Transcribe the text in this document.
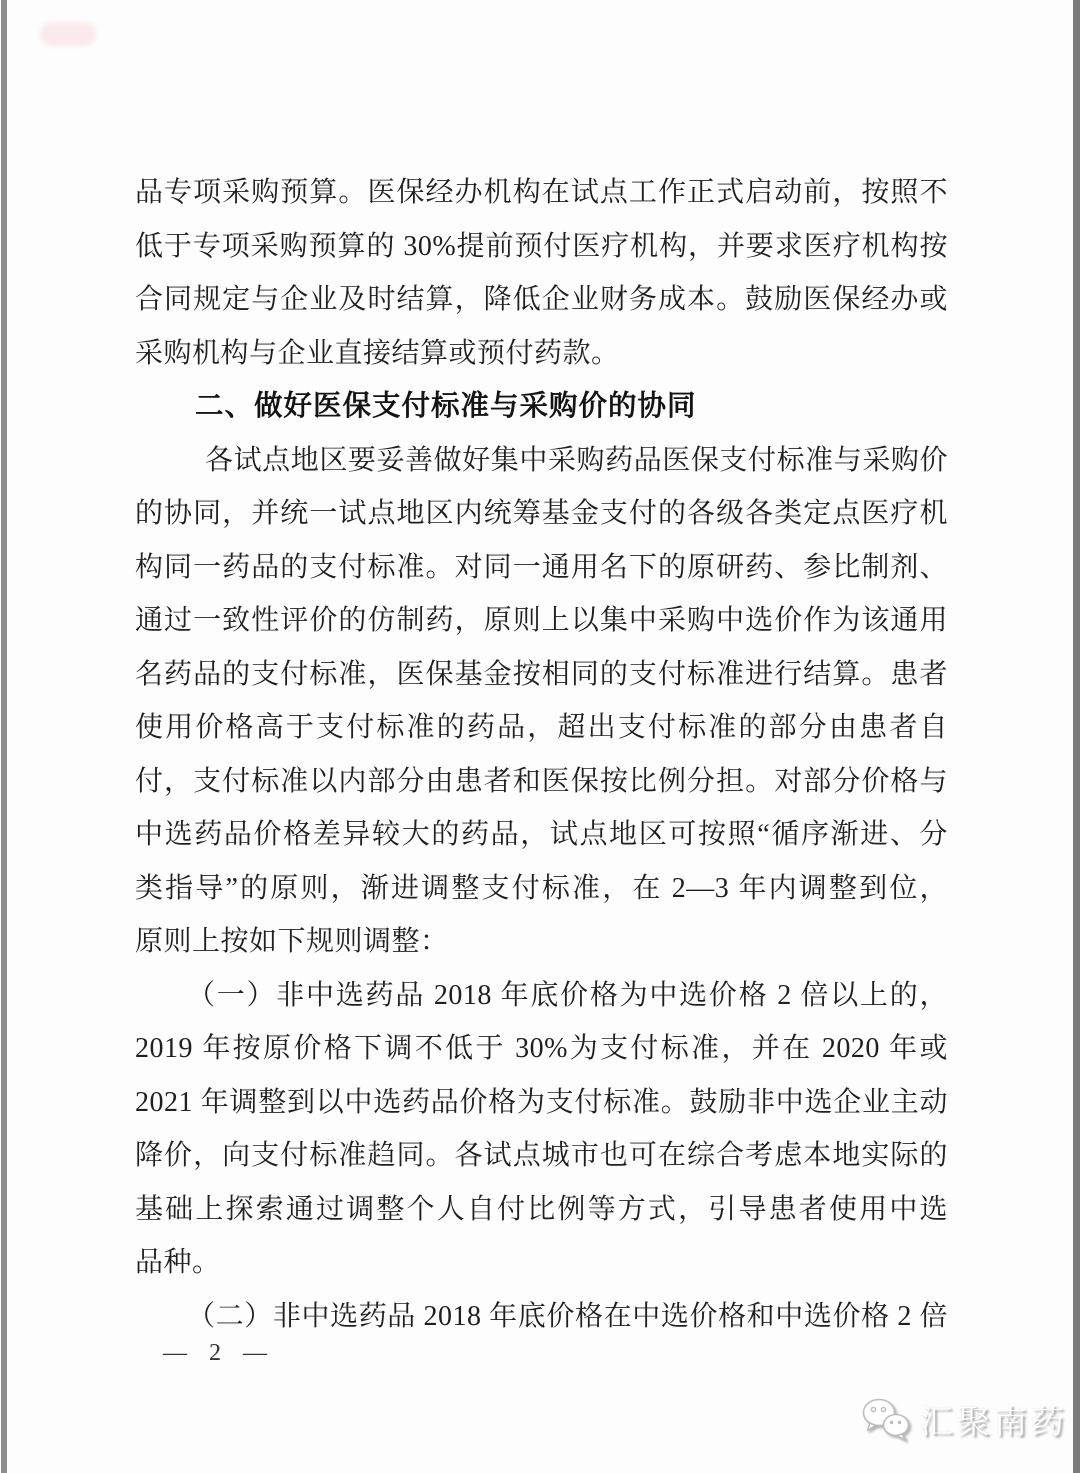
品专项采购预算。医保经办机构在试点工作正式启动前，按照不
低于专项采购预算的 30%提前预付医疗机构，并要求医疗机构按
合同规定与企业及时结算，降低企业财务成本。鼓励医保经办或
采购机构与企业直接结算或预付药款。
二、做好医保支付标准与采购价的协同
各试点地区要妥善做好集中采购药品医保支付标准与采购价
的协同，并统一试点地区内统筹基金支付的各级各类定点医疗机
构同一药品的支付标准。对同一通用名下的原研药、参比制剂、
通过一致性评价的仿制药，原则上以集中采购中选价作为该通用
名药品的支付标准，医保基金按相同的支付标准进行结算。患者
使用价格高于支付标准的药品，超出支付标准的部分由患者自
付，支付标准以内部分由患者和医保按比例分担。对部分价格与
中选药品价格差异较大的药品，试点地区可按照“循序渐进、分
类指导”的原则，渐进调整支付标准，在 2—3 年内调整到位，
原则上按如下规则调整：
（一）非中选药品 2018 年底价格为中选价格 2 倍以上的，
2019 年按原价格下调不低于 30%为支付标准，并在 2020 年或
2021 年调整到以中选药品价格为支付标准。鼓励非中选企业主动
降价，向支付标准趋同。各试点城市也可在综合考虑本地实际的
基础上探索通过调整个人自付比例等方式，引导患者使用中选
品种。
（二）非中选药品 2018 年底价格在中选价格和中选价格 2 倍
— 2 —
汇聚南药
